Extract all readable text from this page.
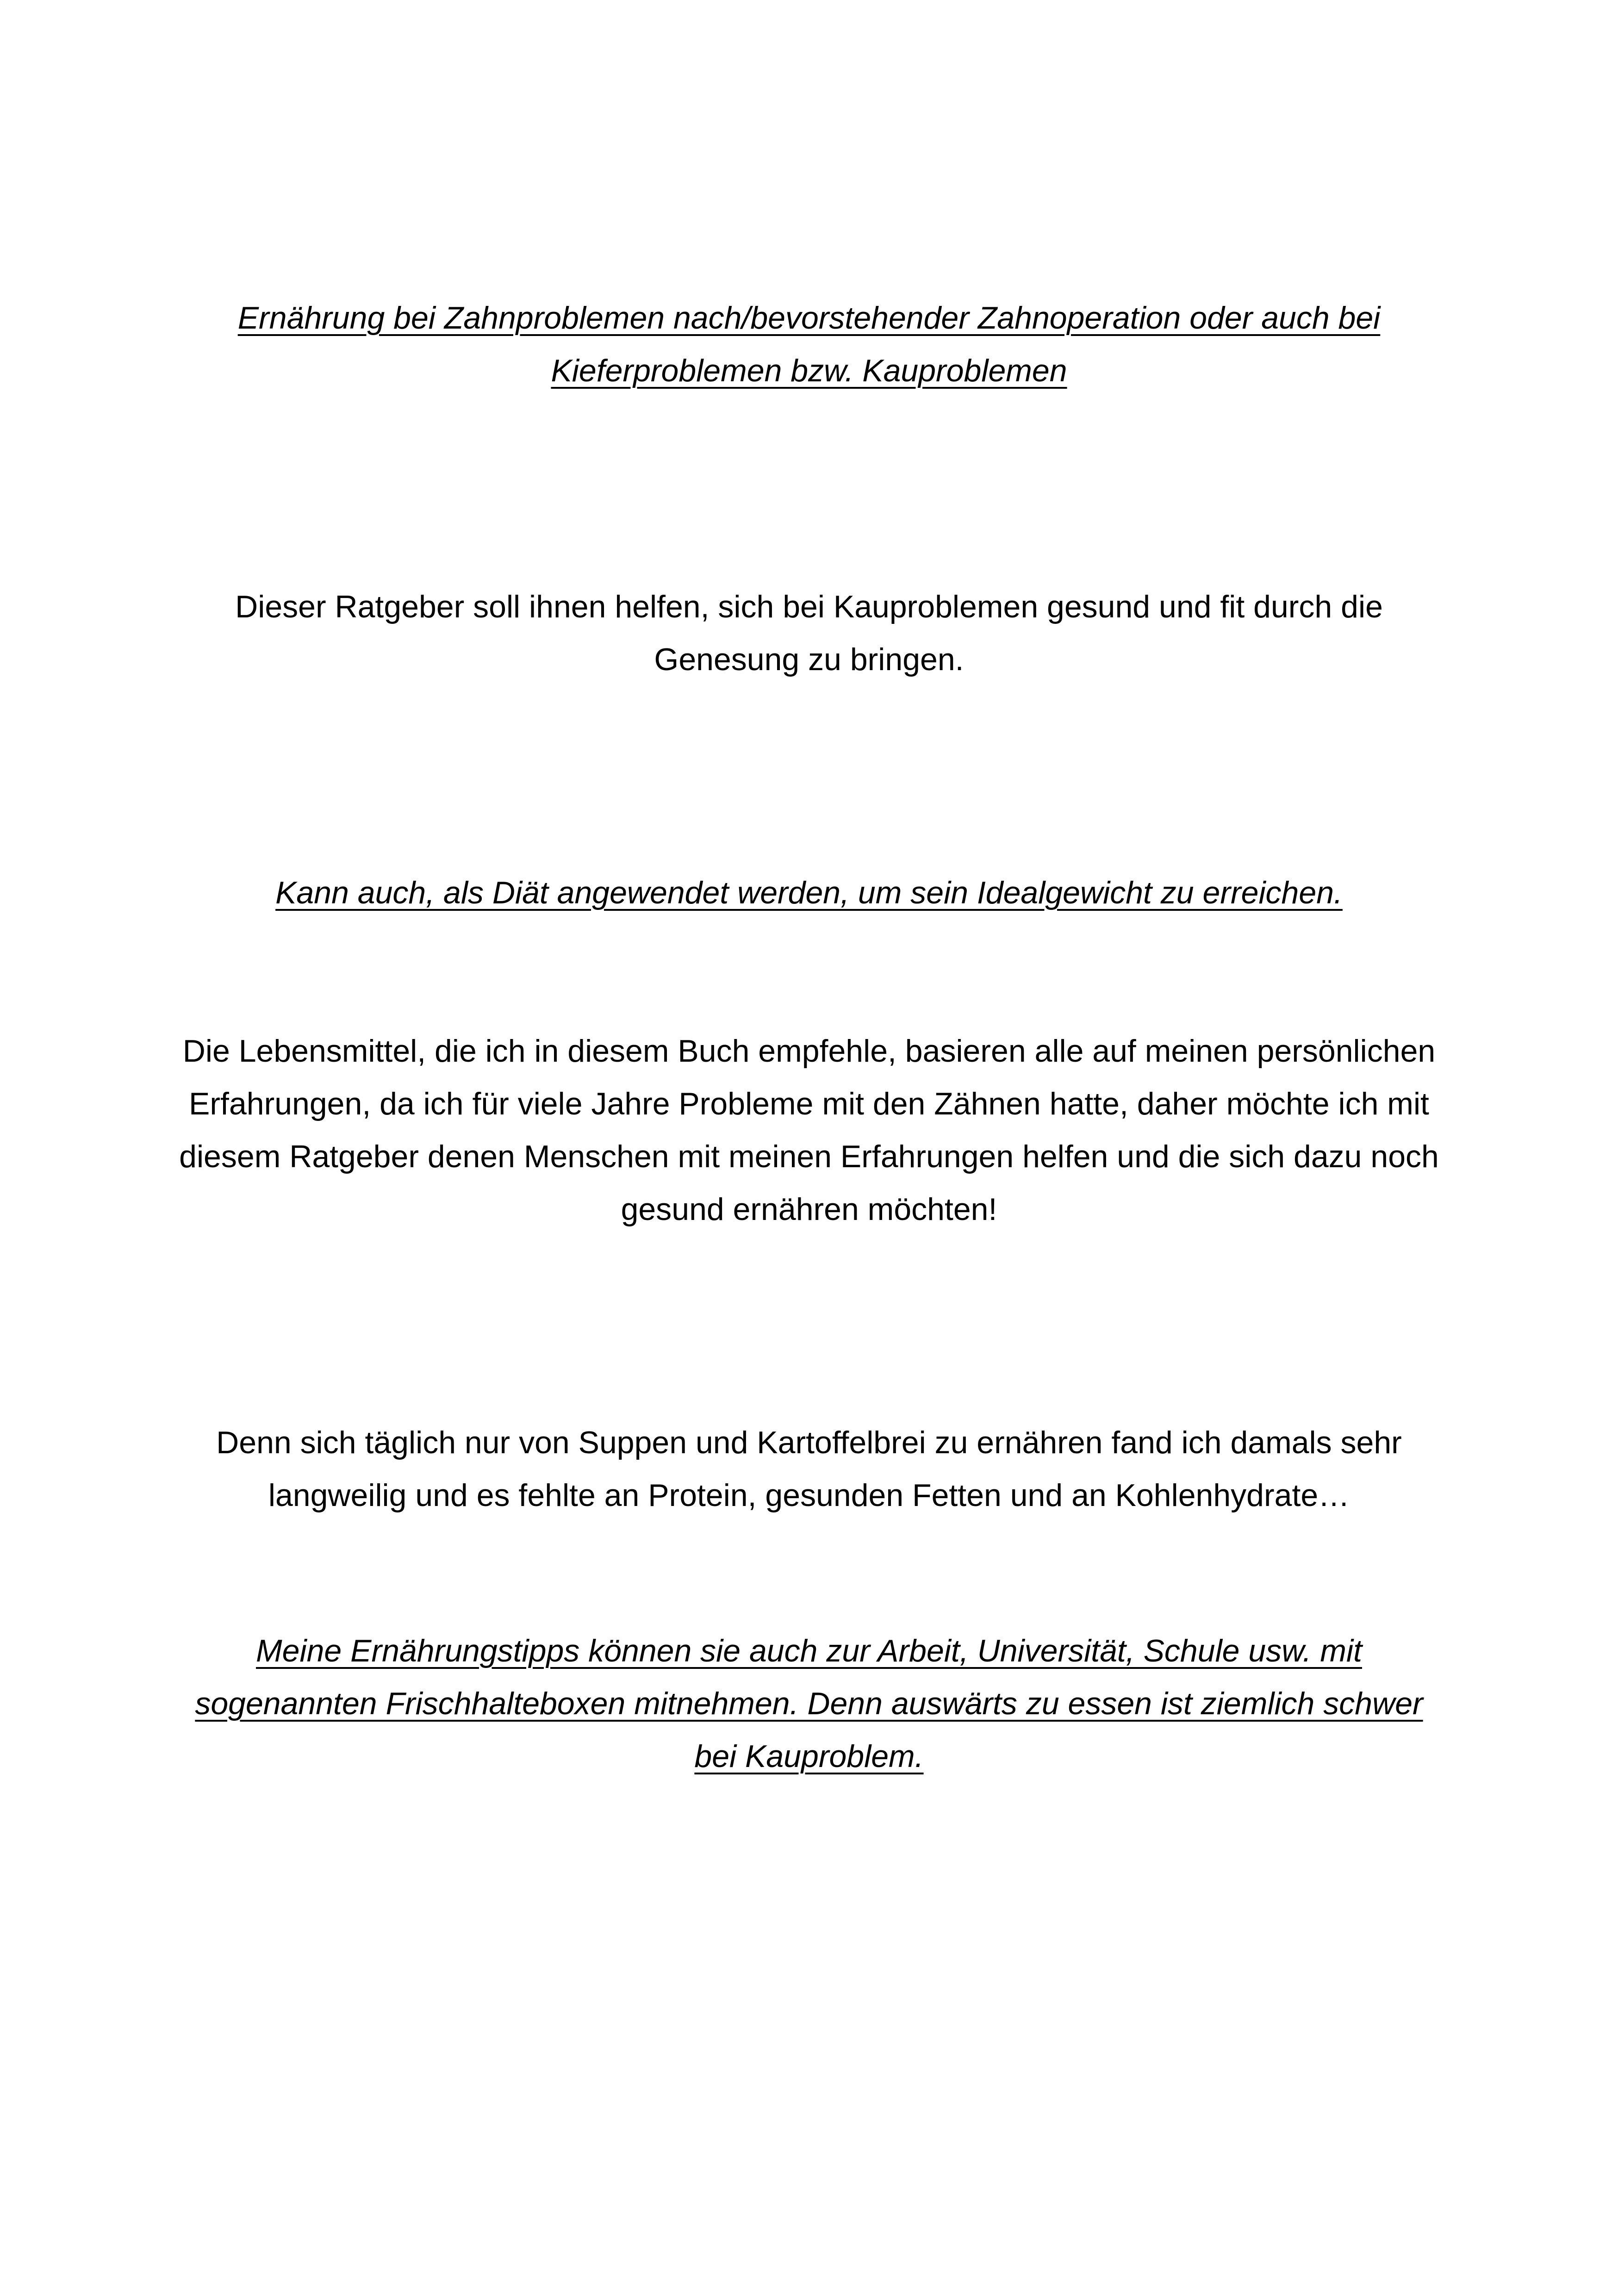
Ernährung bei Zahnproblemen nach/bevorstehender Zahnoperation oder auch bei Kieferproblemen bzw. Kauproblemen

Dieser Ratgeber soll ihnen helfen, sich bei Kauproblemen gesund und fit durch die Genesung zu bringen.

Kann auch, als Diät angewendet werden, um sein Idealgewicht zu erreichen.

Die Lebensmittel, die ich in diesem Buch empfehle, basieren alle auf meinen persönlichen Erfahrungen, da ich für viele Jahre Probleme mit den Zähnen hatte, daher möchte ich mit diesem Ratgeber denen Menschen mit meinen Erfahrungen helfen und die sich dazu noch gesund ernähren möchten!

Denn sich täglich nur von Suppen und Kartoffelbrei zu ernähren fand ich damals sehr langweilig und es fehlte an Protein, gesunden Fetten und an Kohlenhydrate…

Meine Ernährungstipps können sie auch zur Arbeit, Universität, Schule usw. mit sogenannten Frischhalteboxen mitnehmen. Denn auswärts zu essen ist ziemlich schwer bei Kauproblem.
